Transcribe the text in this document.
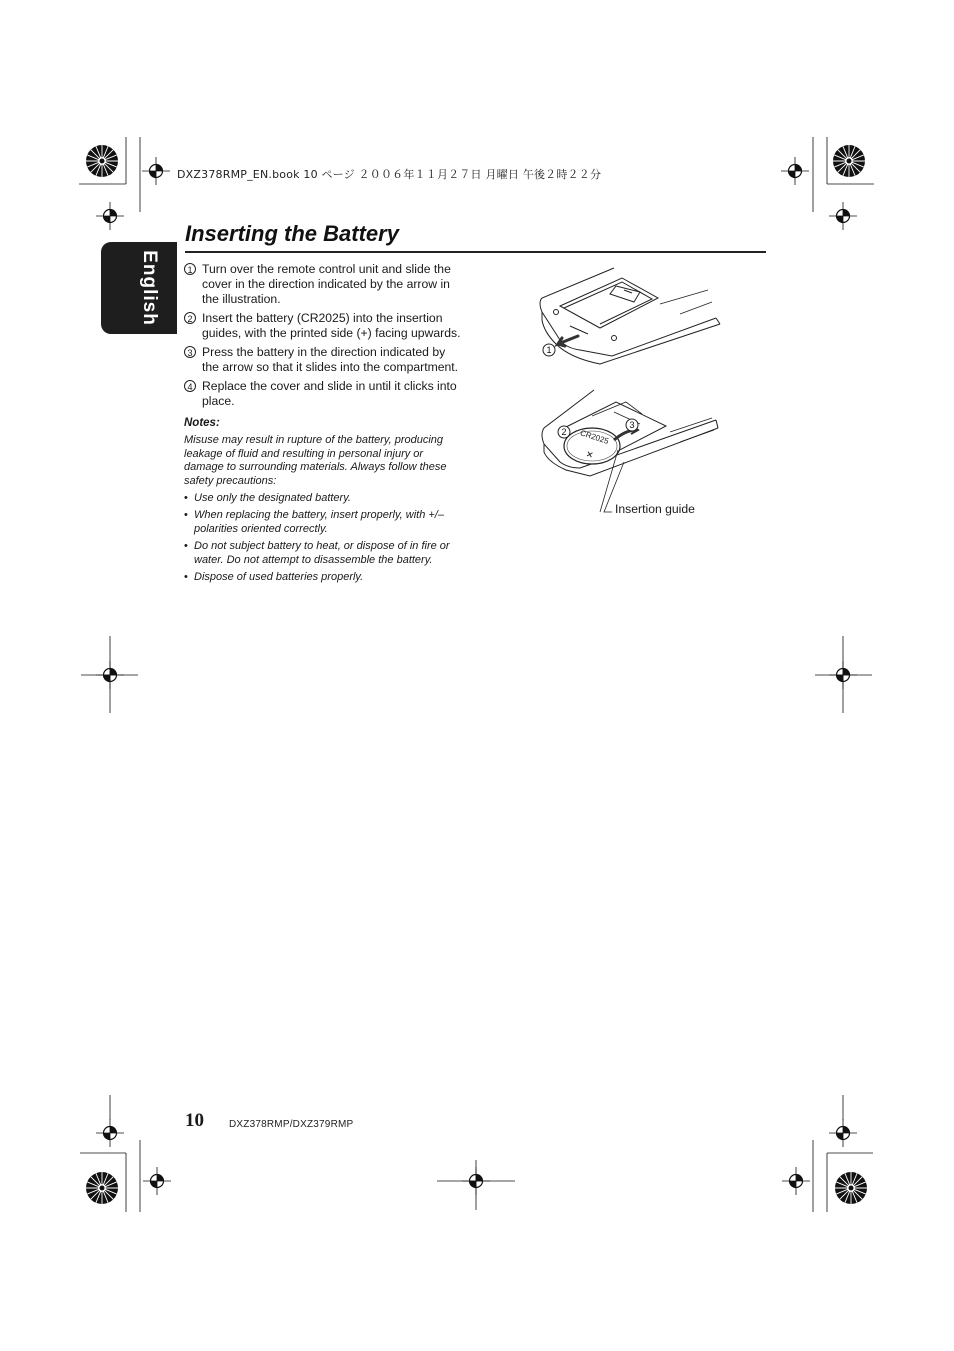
DXZ378RMP_EN.book 10 ページ ２００６年１１月２７日 月曜日 午後２時２２分
English
Inserting the Battery
1 Turn over the remote control unit and slide the cover in the direction indicated by the arrow in the illustration.
2 Insert the battery (CR2025) into the insertion guides, with the printed side (+) facing upwards.
3 Press the battery in the direction indicated by the arrow so that it slides into the compartment.
4 Replace the cover and slide in until it clicks into place.
Notes:
Misuse may result in rupture of the battery, producing leakage of fluid and resulting in personal injury or damage to surrounding materials. Always follow these safety precautions:
• Use only the designated battery.
• When replacing the battery, insert properly, with +/– polarities oriented correctly.
• Do not subject battery to heat, or dispose of in fire or water. Do not attempt to disassemble the battery.
• Dispose of used batteries properly.
1
CR2025
+
2
3
Insertion guide
10	DXZ378RMP/DXZ379RMP
